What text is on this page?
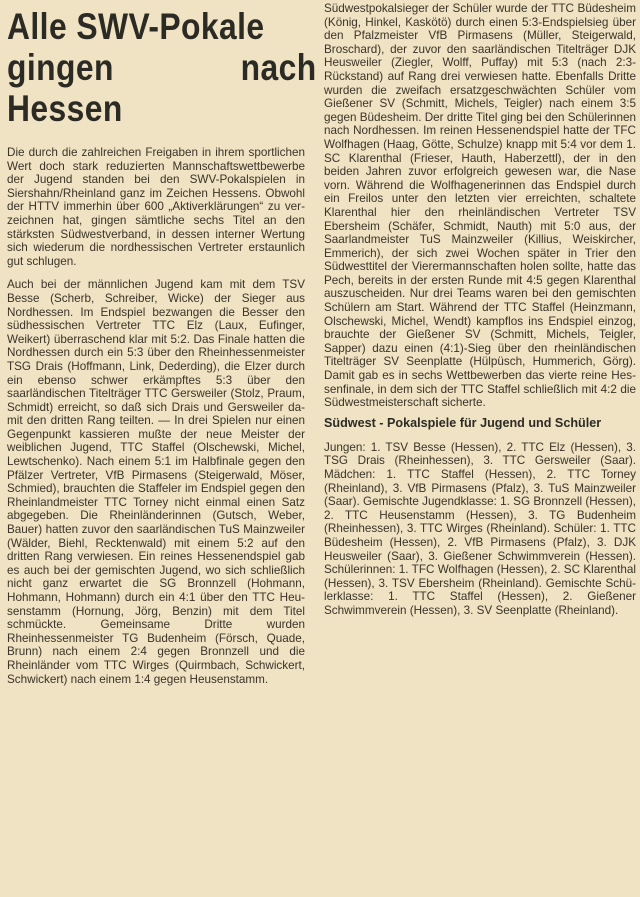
Alle SWV-Pokale
gingen nach Hessen

Die durch die zahlreichen Freigaben in ihrem sportlichen Wert doch stark reduzierten Mannschaftswettbewerbe der Jugend standen bei den SWV-Pokalspielen in Siershahn/Rheinland ganz im Zeichen Hessens. Obwohl der HTTV immerhin über 600 „Aktiverklärungen“ zu verzeichnen hat, gingen sämtliche sechs Titel an den stärksten Südwestverband, in dessen interner Wertung sich wiederum die nordhessischen Vertreter erstaunlich gut schlugen.

Auch bei der männlichen Jugend kam mit dem TSV Besse (Scherb, Schreiber, Wicke) der Sieger aus Nordhessen. Im Endspiel bezwangen die Besser den südhessischen Vertreter TTC Elz (Laux, Eufinger, Weikert) überraschend klar mit 5:2. Das Finale hatten die Nordhessen durch ein 5:3 über den Rheinhessenmeister TSG Drais (Hoffmann, Link, Dederding), die Elzer durch ein ebenso schwer erkämpftes 5:3 über den saarländischen Titelträger TTC Gersweiler (Stolz, Praum, Schmidt) erreicht, so daß sich Drais und Gersweiler damit den dritten Rang teilten. — In drei Spielen nur einen Gegenpunkt kassieren mußte der neue Meister der weiblichen Jugend, TTC Staffel (Olschewski, Michel, Lewtschenko). Nach einem 5:1 im Halbfinale gegen den Pfälzer Vertreter, VfB Pirmasens (Steigerwald, Möser, Schmied), brauchten die Staffeler im Endspiel gegen den Rheinlandmeister TTC Torney nicht einmal einen Satz abgegeben. Die Rheinländerinnen (Gutsch, Weber, Bauer) hatten zuvor den saarländischen TuS Mainzweiler (Wälder, Biehl, Recktenwald) mit einem 5:2 auf den dritten Rang verwiesen. Ein reines Hessenendspiel gab es auch bei der gemischten Jugend, wo sich schließlich nicht ganz erwartet die SG Bronnzell (Hohmann, Hohmann, Hohmann) durch ein 4:1 über den TTC Heusenstamm (Hornung, Jörg, Benzin) mit dem Titel schmückte. Gemeinsame Dritte wurden Rheinhessenmeister TG Budenheim (Försch, Quade, Brunn) nach einem 2:4 gegen Bronnzell und die Rheinländer vom TTC Wirges (Quirmbach, Schwickert, Schwickert) nach einem 1:4 gegen Heusenstamm.

Südwestpokalsieger der Schüler wurde der TTC Büdesheim (König, Hinkel, Kaskötö) durch einen 5:3-Endspielsieg über den Pfalzmeister VfB Pirmasens (Müller, Steigerwald, Broschard), der zuvor den saarländischen Titelträger DJK Heusweiler (Ziegler, Wolff, Puffay) mit 5:3 (nach 2:3-Rückstand) auf Rang drei verwiesen hatte. Ebenfalls Dritte wurden die zweifach ersatzgeschwächten Schüler vom Gießener SV (Schmitt, Michels, Teigler) nach einem 3:5 gegen Büdesheim. Der dritte Titel ging bei den Schülerinnen nach Nordhessen. Im reinen Hessenendspiel hatte der TFC Wolfhagen (Haag, Götte, Schulze) knapp mit 5:4 vor dem 1. SC Klarenthal (Frieser, Hauth, Haberzettl), der in den beiden Jahren zuvor erfolgreich gewesen war, die Nase vorn. Während die Wolfhagenerinnen das Endspiel durch ein Freilos unter den letzten vier erreichten, schaltete Klarenthal hier den rheinländischen Vertreter TSV Ebersheim (Schäfer, Schmidt, Nauth) mit 5:0 aus, der Saarlandmeister TuS Mainzweiler (Killius, Weiskircher, Emmerich), der sich zwei Wochen später in Trier den Südwesttitel der Vierermannschaften holen sollte, hatte das Pech, bereits in der ersten Runde mit 4:5 gegen Klarenthal auszuscheiden. Nur drei Teams waren bei den gemischten Schülern am Start. Während der TTC Staffel (Heinzmann, Olschewski, Michel, Wendt) kampflos ins Endspiel einzog, brauchte der Gießener SV (Schmitt, Michels, Teigler, Sapper) dazu einen (4:1)-Sieg über den rheinländischen Titelträger SV Seenplatte (Hülpüsch, Hummerich, Görg). Damit gab es in sechs Wettbewerben das vierte reine Hessenfinale, in dem sich der TTC Staffel schließlich mit 4:2 die Südwestmeisterschaft sicherte.

Südwest - Pokalspiele für Jugend und Schüler

Jungen: 1. TSV Besse (Hessen), 2. TTC Elz (Hessen), 3. TSG Drais (Rheinhessen), 3. TTC Gersweiler (Saar). Mädchen: 1. TTC Staffel (Hessen), 2. TTC Torney (Rheinland), 3. VfB Pirmasens (Pfalz), 3. TuS Mainzweiler (Saar). Gemischte Jugendklasse: 1. SG Bronnzell (Hessen), 2. TTC Heusenstamm (Hessen), 3. TG Budenheim (Rheinhessen), 3. TTC Wirges (Rheinland). Schüler: 1. TTC Büdesheim (Hessen), 2. VfB Pirmasens (Pfalz), 3. DJK Heusweiler (Saar), 3. Gießener Schwimmverein (Hessen). Schülerinnen: 1. TFC Wolfhagen (Hessen), 2. SC Klarenthal (Hessen), 3. TSV Ebersheim (Rheinland). Gemischte Schülerklasse: 1. TTC Staffel (Hessen), 2. Gießener Schwimmverein (Hessen), 3. SV Seenplatte (Rheinland).
